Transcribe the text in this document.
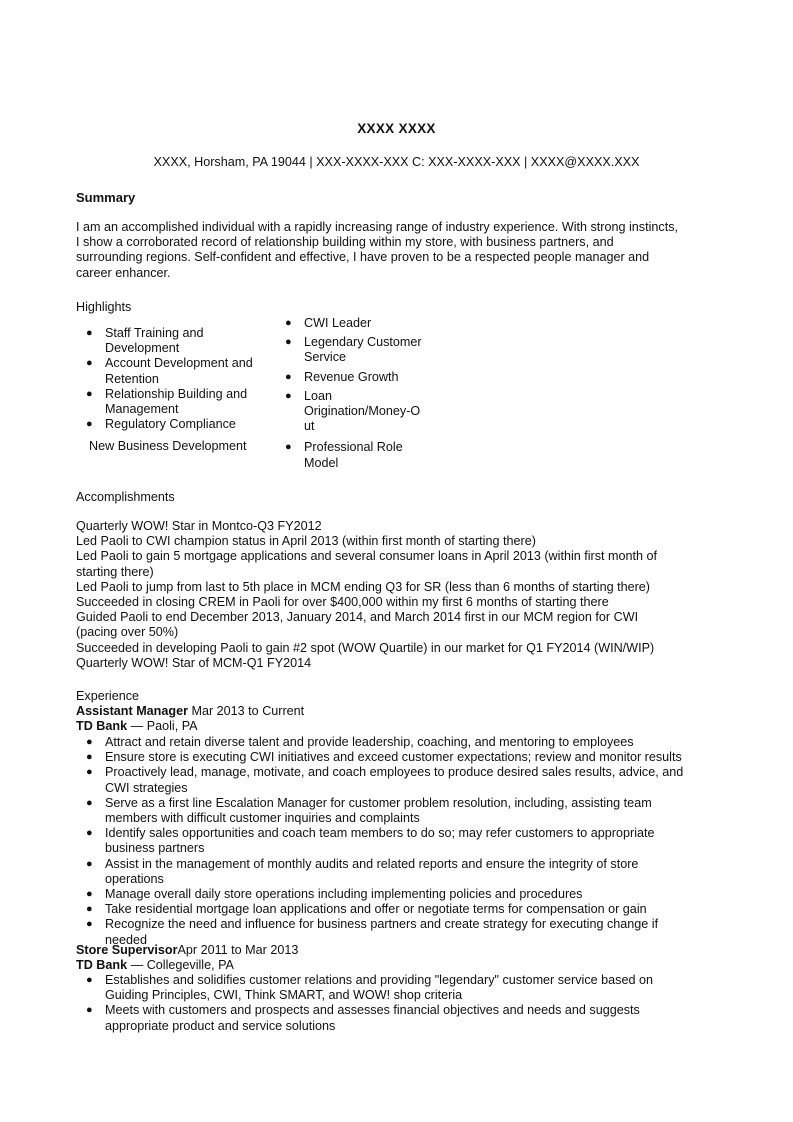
XXXX XXXX
XXXX, Horsham, PA 19044 | XXX-XXXX-XXX C: XXX-XXXX-XXX | XXXX@XXXX.XXX
Summary
I am an accomplished individual with a rapidly increasing range of industry experience. With strong instincts,
I show a corroborated record of relationship building within my store, with business partners, and
surrounding regions. Self-confident and effective, I have proven to be a respected people manager and
career enhancer.
Highlights
● Staff Training and
Development
● Account Development and
Retention
● Relationship Building and
Management
● Regulatory Compliance
New Business Development
● CWI Leader
● Legendary Customer
Service
● Revenue Growth
● Loan
Origination/Money-O
ut
● Professional Role
Model
Accomplishments
Quarterly WOW! Star in Montco-Q3 FY2012
Led Paoli to CWI champion status in April 2013 (within first month of starting there)
Led Paoli to gain 5 mortgage applications and several consumer loans in April 2013 (within first month of
starting there)
Led Paoli to jump from last to 5th place in MCM ending Q3 for SR (less than 6 months of starting there)
Succeeded in closing CREM in Paoli for over $400,000 within my first 6 months of starting there
Guided Paoli to end December 2013, January 2014, and March 2014 first in our MCM region for CWI
(pacing over 50%)
Succeeded in developing Paoli to gain #2 spot (WOW Quartile) in our market for Q1 FY2014 (WIN/WIP)
Quarterly WOW! Star of MCM-Q1 FY2014
Experience
Assistant Manager Mar 2013 to Current
TD Bank — Paoli, PA
● Attract and retain diverse talent and provide leadership, coaching, and mentoring to employees
● Ensure store is executing CWI initiatives and exceed customer expectations; review and monitor results
● Proactively lead, manage, motivate, and coach employees to produce desired sales results, advice, and
CWI strategies
● Serve as a first line Escalation Manager for customer problem resolution, including, assisting team
members with difficult customer inquiries and complaints
● Identify sales opportunities and coach team members to do so; may refer customers to appropriate
business partners
● Assist in the management of monthly audits and related reports and ensure the integrity of store
operations
● Manage overall daily store operations including implementing policies and procedures
● Take residential mortgage loan applications and offer or negotiate terms for compensation or gain
● Recognize the need and influence for business partners and create strategy for executing change if
needed
Store SupervisorApr 2011 to Mar 2013
TD Bank — Collegeville, PA
● Establishes and solidifies customer relations and providing "legendary" customer service based on
Guiding Principles, CWI, Think SMART, and WOW! shop criteria
● Meets with customers and prospects and assesses financial objectives and needs and suggests
appropriate product and service solutions
